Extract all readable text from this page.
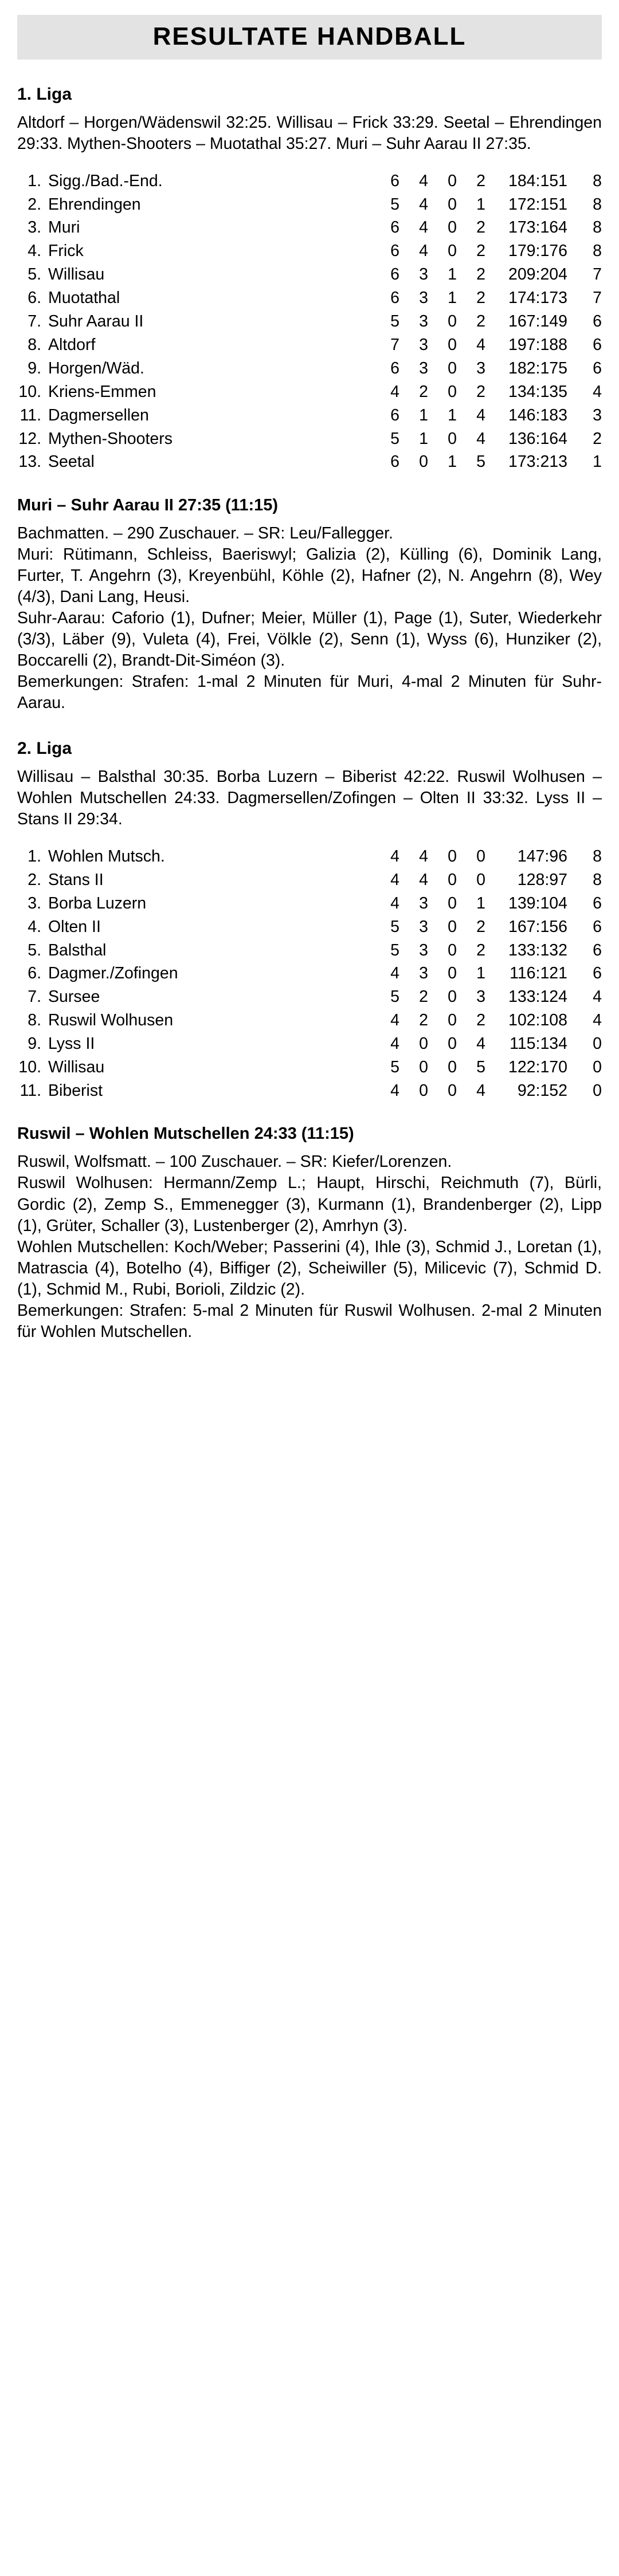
RESULTATE HANDBALL
1. Liga

Altdorf – Horgen/Wädenswil 32:25. Willisau – Frick 33:29. Seetal – Ehrendingen 29:33. Mythen-Shooters – Muotathal 35:27. Muri – Suhr Aarau II 27:35.

1.	Sigg./Bad.-End.	6	4	0	2	184:151	8
2.	Ehrendingen	5	4	0	1	172:151	8
3.	Muri	6	4	0	2	173:164	8
4.	Frick	6	4	0	2	179:176	8
5.	Willisau	6	3	1	2	209:204	7
6.	Muotathal	6	3	1	2	174:173	7
7.	Suhr Aarau II	5	3	0	2	167:149	6
8.	Altdorf	7	3	0	4	197:188	6
9.	Horgen/Wäd.	6	3	0	3	182:175	6
10.	Kriens-Emmen	4	2	0	2	134:135	4
11.	Dagmersellen	6	1	1	4	146:183	3
12.	Mythen-Shooters	5	1	0	4	136:164	2
13.	Seetal	6	0	1	5	173:213	1
Muri – Suhr Aarau II 27:35 (11:15)

Bachmatten. – 290 Zuschauer. – SR: Leu/Fallegger.

Muri: Rütimann, Schleiss, Baeriswyl; Galizia (2), Külling (6), Dominik Lang, Furter, T. Angehrn (3), Kreyenbühl, Köhle (2), Hafner (2), N. Angehrn (8), Wey (4/3), Dani Lang, Heusi.

Suhr-Aarau: Caforio (1), Dufner; Meier, Müller (1), Page (1), Suter, Wiederkehr (3/3), Läber (9), Vuleta (4), Frei, Völkle (2), Senn (1), Wyss (6), Hunziker (2), Boccarelli (2), Brandt-Dit-Siméon (3).

Bemerkungen: Strafen: 1-mal 2 Minuten für Muri, 4-mal 2 Minuten für Suhr-Aarau.

2. Liga

Willisau – Balsthal 30:35. Borba Luzern – Biberist 42:22. Ruswil Wolhusen – Wohlen Mutschellen 24:33. Dagmersellen/Zofingen – Olten II 33:32. Lyss II – Stans II 29:34.

1.	Wohlen Mutsch.	4	4	0	0	147:96	8
2.	Stans II	4	4	0	0	128:97	8
3.	Borba Luzern	4	3	0	1	139:104	6
4.	Olten II	5	3	0	2	167:156	6
5.	Balsthal	5	3	0	2	133:132	6
6.	Dagmer./Zofingen	4	3	0	1	116:121	6
7.	Sursee	5	2	0	3	133:124	4
8.	Ruswil Wolhusen	4	2	0	2	102:108	4
9.	Lyss II	4	0	0	4	115:134	0
10.	Willisau	5	0	0	5	122:170	0
11.	Biberist	4	0	0	4	92:152	0
Ruswil – Wohlen Mutschellen 24:33 (11:15)

Ruswil, Wolfsmatt. – 100 Zuschauer. – SR: Kiefer/Lorenzen.

Ruswil Wolhusen: Hermann/Zemp L.; Haupt, Hirschi, Reichmuth (7), Bürli, Gordic (2), Zemp S., Emmenegger (3), Kurmann (1), Brandenberger (2), Lipp (1), Grüter, Schaller (3), Lustenberger (2), Amrhyn (3).

Wohlen Mutschellen: Koch/Weber; Passerini (4), Ihle (3), Schmid J., Loretan (1), Matrascia (4), Botelho (4), Biffiger (2), Scheiwiller (5), Milicevic (7), Schmid D. (1), Schmid M., Rubi, Borioli, Zildzic (2).

Bemerkungen: Strafen: 5-mal 2 Minuten für Ruswil Wolhusen. 2-mal 2 Minuten für Wohlen Mutschellen.
